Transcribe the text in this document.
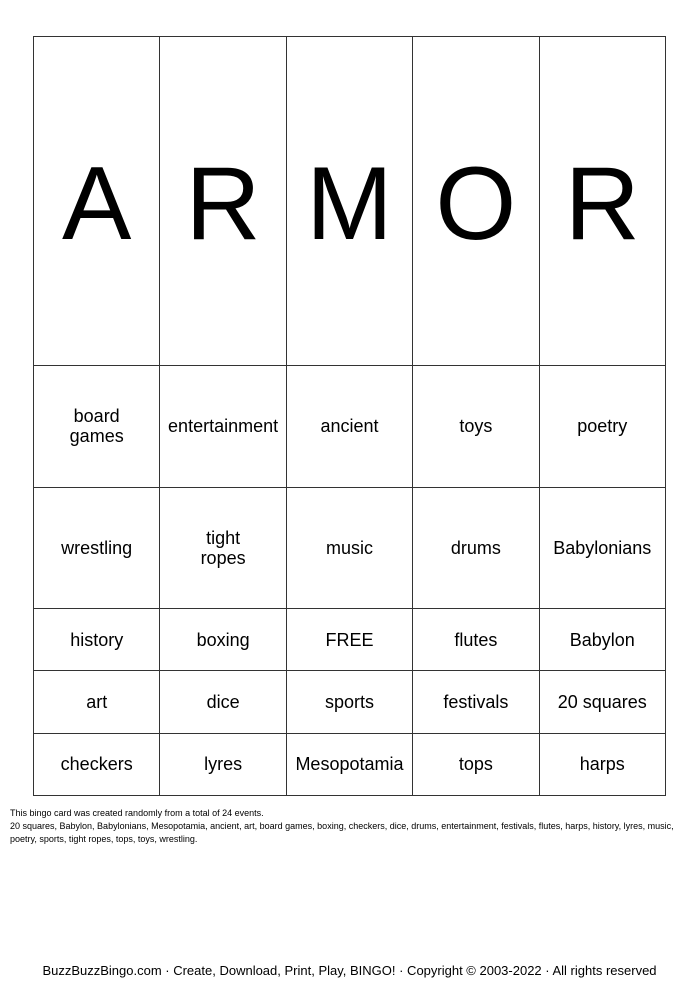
A	R	M	O	R

board games	entertainment	ancient	toys	poetry

wrestling	tight ropes	music	drums	Babylonians

history	boxing	FREE	flutes	Babylon

art	dice	sports	festivals	20 squares

checkers	lyres	Mesopotamia	tops	harps
This bingo card was created randomly from a total of 24 events.
20 squares, Babylon, Babylonians, Mesopotamia, ancient, art, board games, boxing, checkers, dice, drums, entertainment, festivals, flutes, harps, history, lyres, music, poetry, sports, tight ropes, tops, toys, wrestling.
BuzzBuzzBingo.com · Create, Download, Print, Play, BINGO! · Copyright © 2003-2022 · All rights reserved
